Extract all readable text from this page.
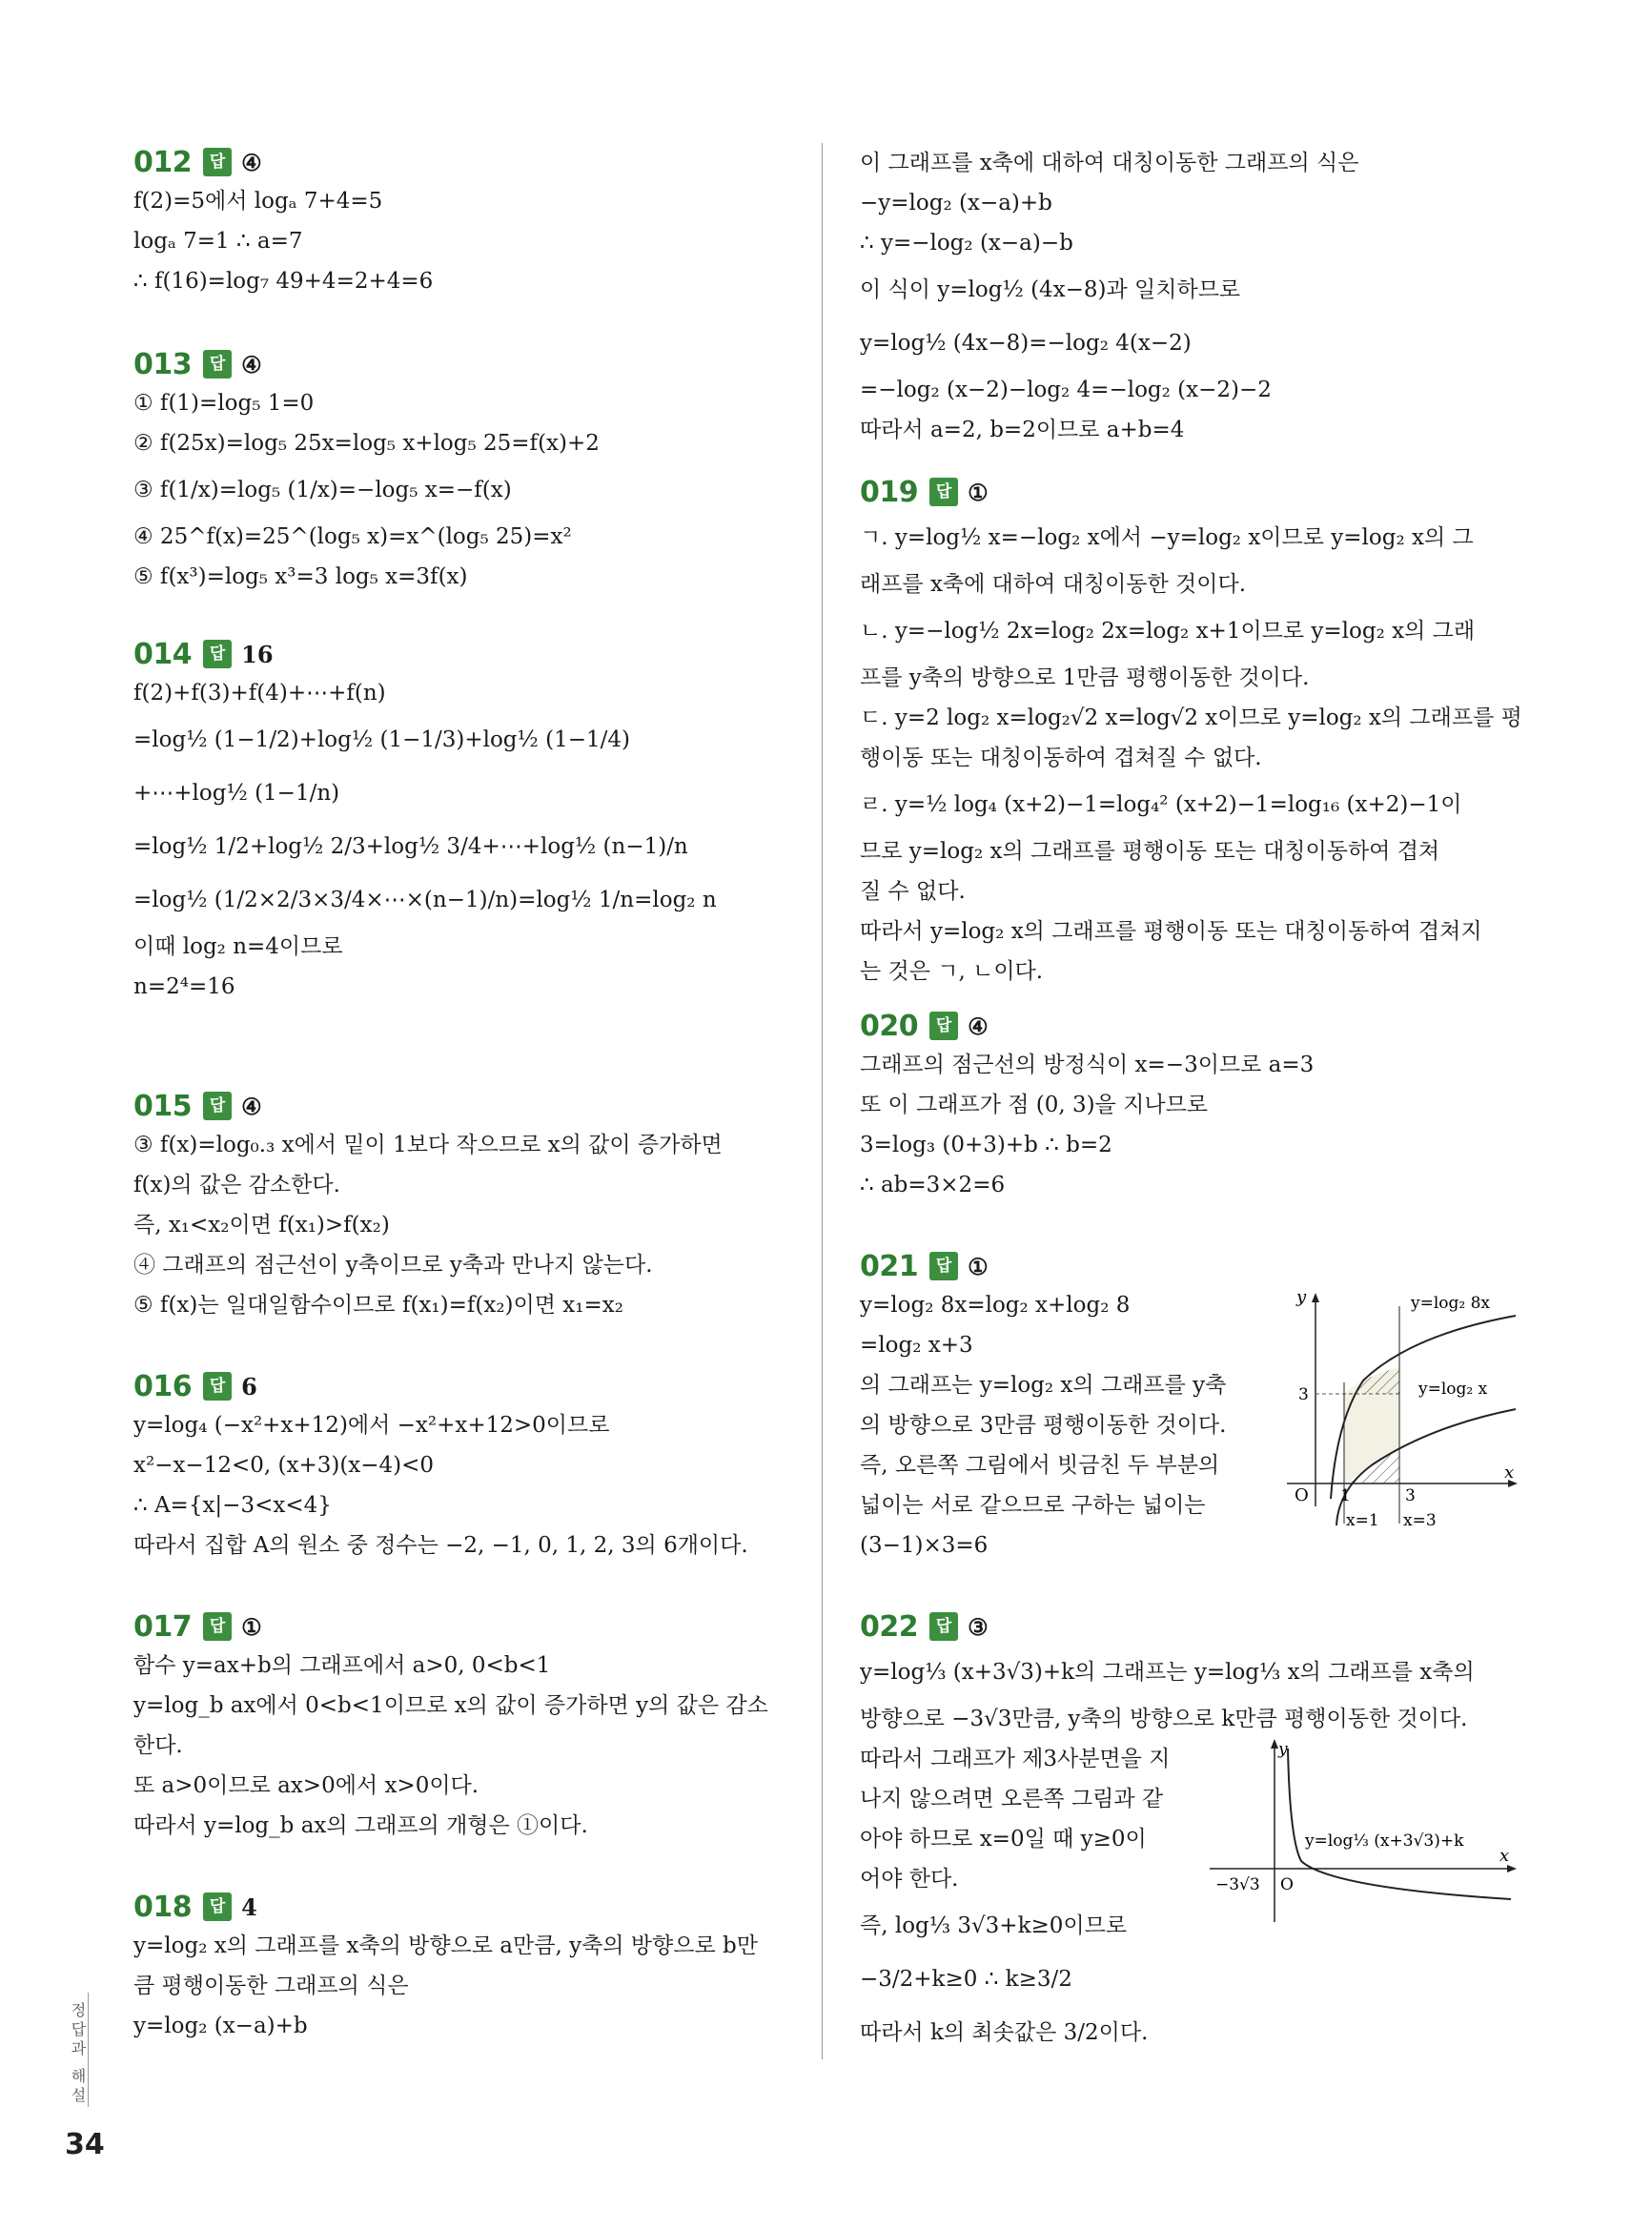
012	답 ④
f(2)=5에서 logₐ 7+4=5
logₐ 7=1 ∴ a=7
∴ f(16)=log₇ 49+4=2+4=6
013	답 ④
① f(1)=log₅ 1=0
② f(25x)=log₅ 25x=log₅ x+log₅ 25=f(x)+2
③ f(1/x)=log₅ (1/x)=−log₅ x=−f(x)
④ 25^f(x)=25^(log₅ x)=x^(log₅ 25)=x²
⑤ f(x³)=log₅ x³=3 log₅ x=3f(x)
014	답 16
f(2)+f(3)+f(4)+⋯+f(n)
=log½ (1−1/2)+log½ (1−1/3)+log½ (1−1/4)
+⋯+log½ (1−1/n)
=log½ 1/2+log½ 2/3+log½ 3/4+⋯+log½ (n−1)/n
=log½ (1/2×2/3×3/4×⋯×(n−1)/n)=log½ 1/n=log₂ n
이때 log₂ n=4이므로
n=2⁴=16
015	답 ④
③ f(x)=log₀.₃ x에서 밑이 1보다 작으므로 x의 값이 증가하면
f(x)의 값은 감소한다.
즉, x₁<x₂이면 f(x₁)>f(x₂)
④ 그래프의 점근선이 y축이므로 y축과 만나지 않는다.
⑤ f(x)는 일대일함수이므로 f(x₁)=f(x₂)이면 x₁=x₂
016	답 6
y=log₄ (−x²+x+12)에서 −x²+x+12>0이므로
x²−x−12<0, (x+3)(x−4)<0
∴ A={x|−3<x<4}
따라서 집합 A의 원소 중 정수는 −2, −1, 0, 1, 2, 3의 6개이다.
017	답 ①
함수 y=ax+b의 그래프에서 a>0, 0<b<1
y=log_b ax에서 0<b<1이므로 x의 값이 증가하면 y의 값은 감소
한다.
또 a>0이므로 ax>0에서 x>0이다.
따라서 y=log_b ax의 그래프의 개형은 ①이다.
018	답 4
y=log₂ x의 그래프를 x축의 방향으로 a만큼, y축의 방향으로 b만
큼 평행이동한 그래프의 식은
y=log₂ (x−a)+b
이 그래프를 x축에 대하여 대칭이동한 그래프의 식은
−y=log₂ (x−a)+b
∴ y=−log₂ (x−a)−b
이 식이 y=log½ (4x−8)과 일치하므로
y=log½ (4x−8)=−log₂ 4(x−2)
=−log₂ (x−2)−log₂ 4=−log₂ (x−2)−2
따라서 a=2, b=2이므로 a+b=4
019	답 ①
ㄱ. y=log½ x=−log₂ x에서 −y=log₂ x이므로 y=log₂ x의 그
래프를 x축에 대하여 대칭이동한 것이다.
ㄴ. y=−log½ 2x=log₂ 2x=log₂ x+1이므로 y=log₂ x의 그래
프를 y축의 방향으로 1만큼 평행이동한 것이다.
ㄷ. y=2 log₂ x=log₂√2 x=log√2 x이므로 y=log₂ x의 그래프를 평
행이동 또는 대칭이동하여 겹쳐질 수 없다.
ㄹ. y=½ log₄ (x+2)−1=log₄² (x+2)−1=log₁₆ (x+2)−1이
므로 y=log₂ x의 그래프를 평행이동 또는 대칭이동하여 겹쳐
질 수 없다.
따라서 y=log₂ x의 그래프를 평행이동 또는 대칭이동하여 겹쳐지
는 것은 ㄱ, ㄴ이다.
020	답 ④
그래프의 점근선의 방정식이 x=−3이므로 a=3
또 이 그래프가 점 (0, 3)을 지나므로
3=log₃ (0+3)+b ∴ b=2
∴ ab=3×2=6
021	답 ①
y=log₂ 8x=log₂ x+log₂ 8
=log₂ x+3
의 그래프는 y=log₂ x의 그래프를 y축
의 방향으로 3만큼 평행이동한 것이다.
즉, 오른쪽 그림에서 빗금친 두 부분의
넓이는 서로 같으므로 구하는 넓이는
(3−1)×3=6
022	답 ③
y=log⅓ (x+3√3)+k의 그래프는 y=log⅓ x의 그래프를 x축의
방향으로 −3√3만큼, y축의 방향으로 k만큼 평행이동한 것이다.
따라서 그래프가 제3사분면을 지
나지 않으려면 오른쪽 그림과 같
아야 하므로 x=0일 때 y≥0이
어야 한다.
즉, log⅓ 3√3+k≥0이므로
−3/2+k≥0 ∴ k≥3/2
따라서 k의 최솟값은 3/2이다.
y
x
O
3
1	3
y=log₂ 8x
y=log₂ x
x=1 x=3
y
x
O
−3√3
y=log⅓ (x+3√3)+k
정답과 해설
34
